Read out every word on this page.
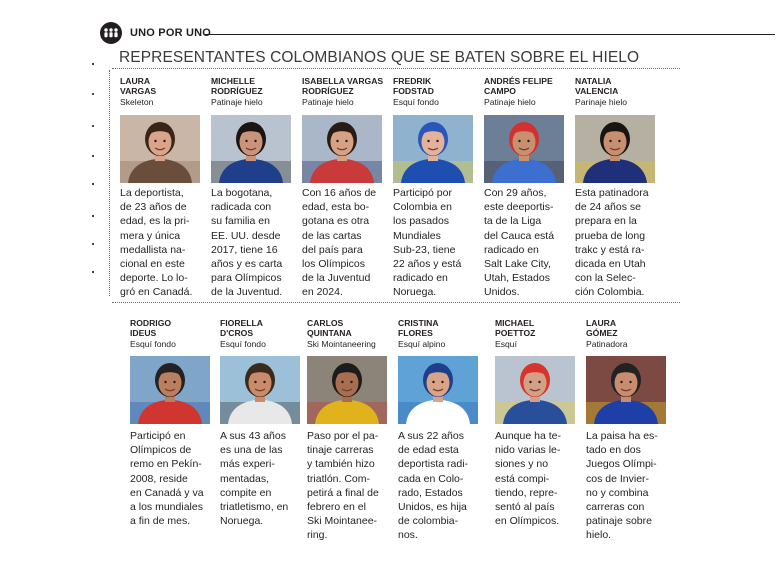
UNO POR UNO
REPRESENTANTES COLOMBIANOS QUE SE BATEN SOBRE EL HIELO
LAURA
VARGAS
Skeleton
La deportista,
de 23 años de
edad, es la pri-
mera y única
medallista na-
cional en este
deporte. Lo lo-
gró en Canadá.
MICHELLE
RODRÍGUEZ
Patinaje hielo
La bogotana,
radicada con
su familia en
EE. UU. desde
2017, tiene 16
años y es carta
para Olímpicos
de la Juventud.
ISABELLA VARGAS
RODRÍGUEZ
Patinaje hielo
Con 16 años de
edad, esta bo-
gotana es otra
de las cartas
del país para
los Olímpicos
de la Juventud
en 2024.
FREDRIK
FODSTAD
Esquí fondo
Participó por
Colombia en
los pasados
Mundiales
Sub-23, tiene
22 años y está
radicado en
Noruega.
ANDRÉS FELIPE
CAMPO
Patinaje hielo
Con 29 años,
este deeportis-
ta de la Liga
del Cauca está
radicado en
Salt Lake City,
Utah, Estados
Unidos.
NATALIA
VALENCIA
Parinaje hielo
Esta patinadora
de 24 años se
prepara en la
prueba de long
trakc y está ra-
dicada en Utah
con la Selec-
ción Colombia.
RODRIGO
IDEUS
Esquí fondo
Participó en
Olímpicos de
remo en Pekín-
2008, reside
en Canadá y va
a los mundiales
a fin de mes.
FIORELLA
D'CROS
Esquí fondo
A sus 43 años
es una de las
más experi-
mentadas,
compite en
triatletismo, en
Noruega.
CARLOS
QUINTANA
Ski Mointaneering
Paso por el pa-
tinaje carreras
y también hizo
triatlón. Com-
petirá a final de
febrero en el
Ski Mointanee-
ring.
CRISTINA
FLORES
Esquí alpino
A sus 22 años
de edad esta
deportista radi-
cada en Colo-
rado, Estados
Unidos, es hija
de colombia-
nos.
MICHAEL
POETTOZ
Esquí
Aunque ha te-
nido varias le-
siones y no
está compi-
tiendo, repre-
sentó al país
en Olímpicos.
LAURA
GÓMEZ
Patinadora
La paisa ha es-
tado en dos
Juegos Olímpi-
cos de Invier-
no y combina
carreras con
patinaje sobre
hielo.
